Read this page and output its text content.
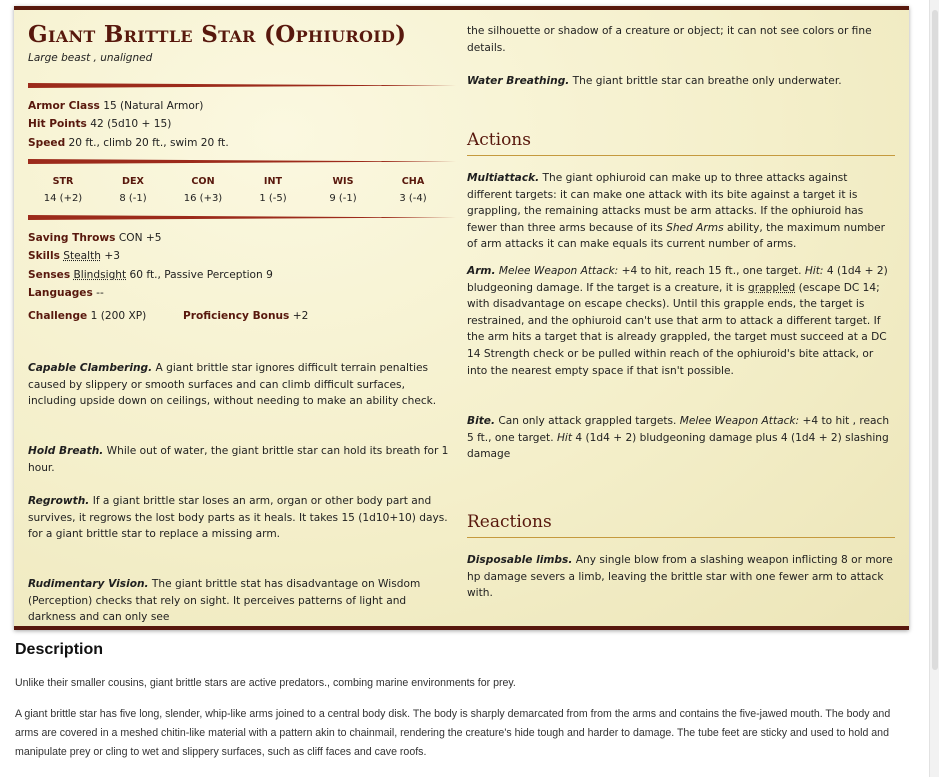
Giant Brittle Star (Ophiuroid)
Large beast , unaligned
Armor Class 15 (Natural Armor)
Hit Points 42 (5d10 + 15)
Speed 20 ft., climb 20 ft., swim 20 ft.
STR
14 (+2)
DEX
8 (-1)
CON
16 (+3)
INT
1 (-5)
WIS
9 (-1)
CHA
3 (-4)
Saving Throws CON +5
Skills Stealth +3
Senses Blindsight 60 ft., Passive Perception 9
Languages --
Challenge 1 (200 XP)	Proficiency Bonus +2
Capable Clambering. A giant brittle star ignores difficult terrain penalties caused by slippery or smooth surfaces and can climb difficult surfaces, including upside down on ceilings, without needing to make an ability check.
Hold Breath. While out of water, the giant brittle star can hold its breath for 1 hour.
Regrowth. If a giant brittle star loses an arm, organ or other body part and survives, it regrows the lost body parts as it heals. It takes 15 (1d10+10) days. for a giant brittle star to replace a missing arm.
Rudimentary Vision. The giant brittle stat has disadvantage on Wisdom (Perception) checks that rely on sight. It perceives patterns of light and darkness and can only see
the silhouette or shadow of a creature or object; it can not see colors or fine details.
Water Breathing. The giant brittle star can breathe only underwater.
Actions
Multiattack. The giant ophiuroid can make up to three attacks against different targets: it can make one attack with its bite against a target it is grappling, the remaining attacks must be arm attacks. If the ophiuroid has fewer than three arms because of its Shed Arms ability, the maximum number of arm attacks it can make equals its current number of arms.
Arm. Melee Weapon Attack: +4 to hit, reach 15 ft., one target. Hit: 4 (1d4 + 2) bludgeoning damage. If the target is a creature, it is grappled (escape DC 14; with disadvantage on escape checks). Until this grapple ends, the target is restrained, and the ophiuroid can't use that arm to attack a different target. If the arm hits a target that is already grappled, the target must succeed at a DC 14 Strength check or be pulled within reach of the ophiuroid's bite attack, or into the nearest empty space if that isn't possible.
Bite. Can only attack grappled targets. Melee Weapon Attack: +4 to hit , reach 5 ft., one target. Hit 4 (1d4 + 2) bludgeoning damage plus 4 (1d4 + 2) slashing damage
Reactions
Disposable limbs. Any single blow from a slashing weapon inflicting 8 or more hp damage severs a limb, leaving the brittle star with one fewer arm to attack with.
Description

Unlike their smaller cousins, giant brittle stars are active predators., combing marine environments for prey.

A giant brittle star has five long, slender, whip-like arms joined to a central body disk. The body is sharply demarcated from from the arms and contains the five-jawed mouth. The body and arms are covered in a meshed chitin-like material with a pattern akin to chainmail, rendering the creature's hide tough and harder to damage. The tube feet are sticky and used to hold and manipulate prey or cling to wet and slippery surfaces, such as cliff faces and cave roofs.
